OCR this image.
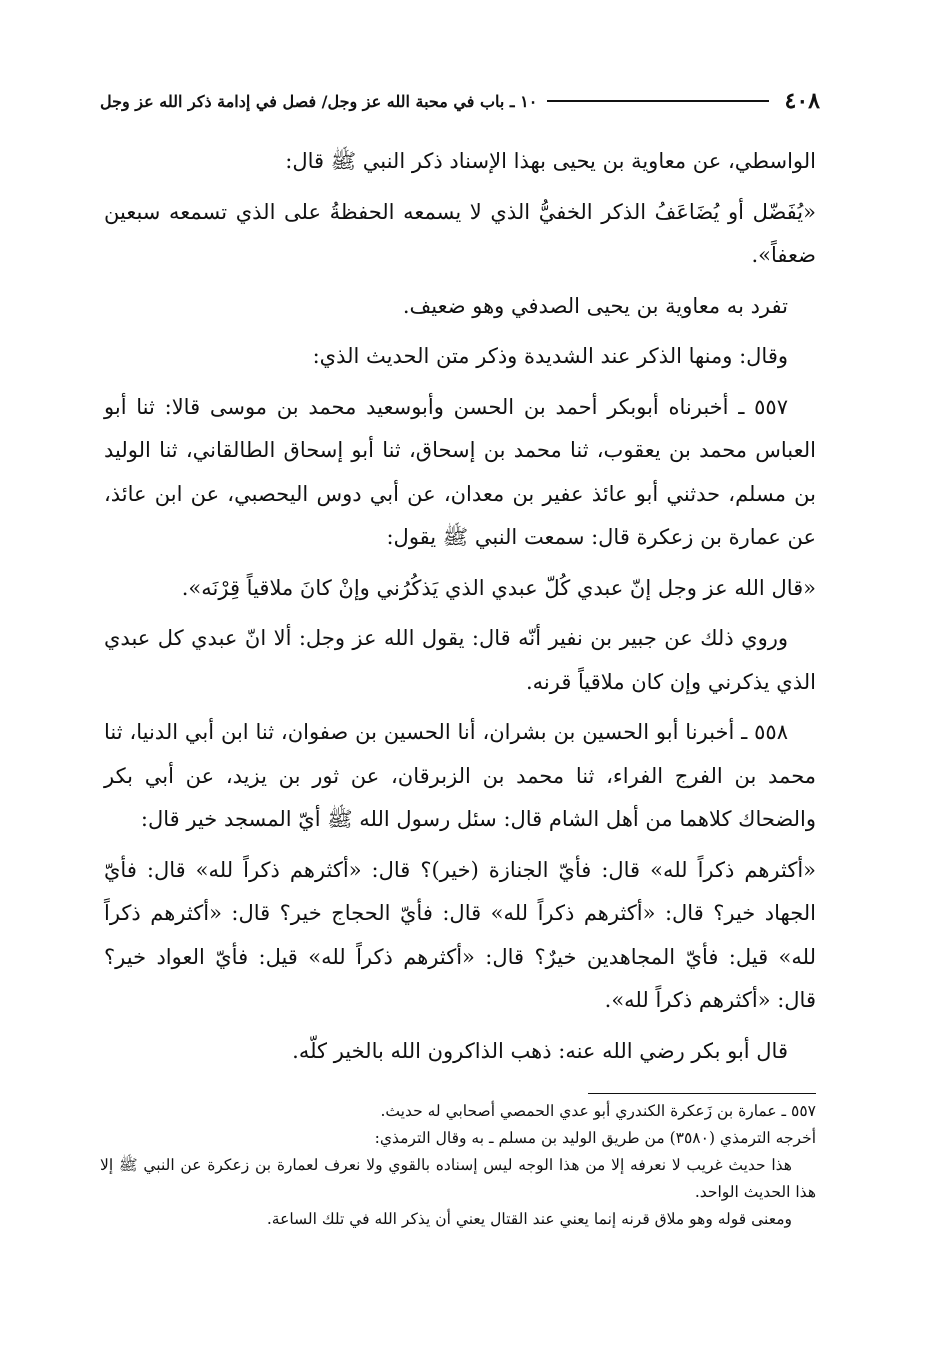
٤٠٨
١٠ ـ باب في محبة الله عز وجل/ فصل في إدامة ذكر الله عز وجل

الواسطي، عن معاوية بن يحيى بهذا الإسناد ذكر النبي ﷺ قال:

«يُفَضّل أو يُضَاعَفُ الذكر الخفيُّ الذي لا يسمعه الحفظةُ على الذي تسمعه سبعين ضعفاً».

تفرد به معاوية بن يحيى الصدفي وهو ضعيف.

وقال: ومنها الذكر عند الشديدة وذكر متن الحديث الذي:

٥٥٧ ـ أخبرناه أبوبكر أحمد بن الحسن وأبوسعيد محمد بن موسى قالا: ثنا أبو العباس محمد بن يعقوب، ثنا محمد بن إسحاق، ثنا أبو إسحاق الطالقاني، ثنا الوليد بن مسلم، حدثني أبو عائذ عفير بن معدان، عن أبي دوس اليحصبي، عن ابن عائذ، عن عمارة بن زعكرة قال: سمعت النبي ﷺ يقول:

«قال الله عز وجل إنّ عبدي كُلّ عبدي الذي يَذكُرُني وإنْ كانَ ملاقياً قِرْنَه».

وروي ذلك عن جبير بن نفير أنّه قال: يقول الله عز وجل: ألا انّ عبدي كل عبدي الذي يذكرني وإن كان ملاقياً قرنه.

٥٥٨ ـ أخبرنا أبو الحسين بن بشران، أنا الحسين بن صفوان، ثنا ابن أبي الدنيا، ثنا محمد بن الفرج الفراء، ثنا محمد بن الزبرقان، عن ثور بن يزيد، عن أبي بكر والضحاك كلاهما من أهل الشام قال: سئل رسول الله ﷺ أيّ المسجد خير قال:

«أكثرهم ذكراً لله» قال: فأيّ الجنازة (خير)؟ قال: «أكثرهم ذكراً لله» قال: فأيّ الجهاد خير؟ قال: «أكثرهم ذكراً لله» قال: فأيّ الحجاج خير؟ قال: «أكثرهم ذكراً لله» قيل: فأيّ المجاهدين خيرٌ؟ قال: «أكثرهم ذكراً لله» قيل: فأيّ العواد خير؟ قال: «أكثرهم ذكراً لله».

قال أبو بكر رضي الله عنه: ذهب الذاكرون الله بالخير كلّه.

٥٥٧ ـ عمارة بن زَعكرة الكندري أبو عدي الحمصي أصحابي له حديث.

أخرجه الترمذي (٣٥٨٠) من طريق الوليد بن مسلم ـ به وقال الترمذي:

هذا حديث غريب لا نعرفه إلا من هذا الوجه ليس إسناده بالقوي ولا نعرف لعمارة بن زعكرة عن النبي ﷺ إلا هذا الحديث الواحد.

ومعنى قوله وهو ملاق قرنه إنما يعني عند القتال يعني أن يذكر الله في تلك الساعة.
